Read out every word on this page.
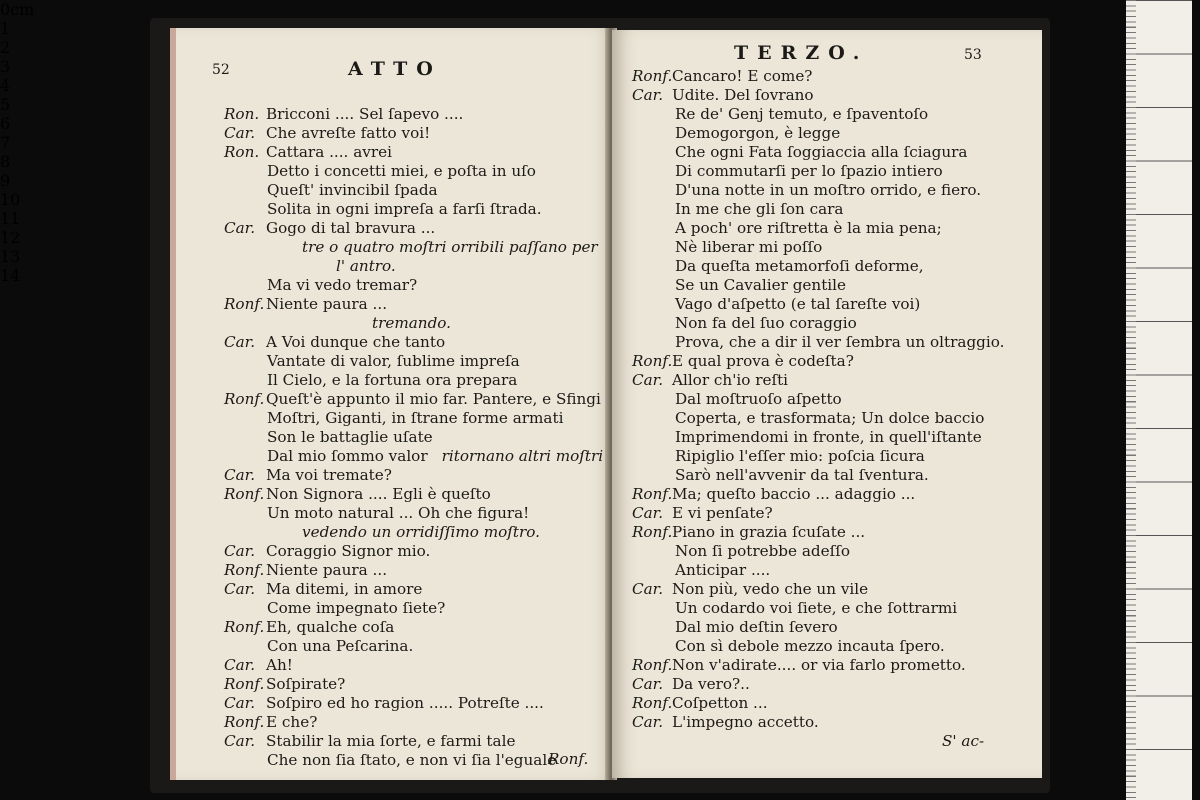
52	ATTO
Ron. Bricconi .... Sel ſapevo ....
Car. Che avreſte fatto voi!
Ron. Cattara .... avrei
Detto i concetti miei, e poſta in uſo
Queſt' invincibil ſpada
Solita in ogni impreſa a farſi ſtrada.
Car. Gogo di tal bravura ...
tre o quatro moſtri orribili paſſano per
l' antro.
Ma vi vedo tremar?
Ronf. Niente paura ...
tremando.
Car. A Voi dunque che tanto
Vantate di valor, ſublime impreſa
Il Cielo, e la fortuna ora prepara
Ronf. Queſt'è appunto il mio far. Pantere, e Sfingi
Moſtri, Giganti, in ſtrane forme armati
Son le battaglie uſate
Dal mio ſommo valor ritornano altri moſtri
Car. Ma voi tremate?
Ronf. Non Signora .... Egli è queſto
Un moto natural ... Oh che figura!
vedendo un orridiſſimo moſtro.
Car. Coraggio Signor mio.
Ronf. Niente paura ...
Car. Ma ditemi, in amore
Come impegnato ſiete?
Ronf. Eh, qualche coſa
Con una Peſcarina.
Car. Ah!
Ronf. Soſpirate?
Car. Soſpiro ed ho ragion ..... Potreſte ....
Ronf. E che?
Car. Stabilir la mia ſorte, e farmi tale
Che non ſia ſtato, e non vi ſia l'eguale
Ronf.
TERZO.	53
Ronf.Cancaro! E come?
Car. Udite. Del ſovrano
Re de' Genj temuto, e ſpaventoſo
Demogorgon, è legge
Che ogni Fata ſoggiaccia alla ſciagura
Di commutarſi per lo ſpazio intiero
D'una notte in un moſtro orrido, e fiero.
In me che gli ſon cara
A poch' ore riſtretta è la mia pena;
Nè liberar mi poſſo
Da queſta metamorfoſi deforme,
Se un Cavalier gentile
Vago d'aſpetto (e tal ſareſte voi)
Non fa del ſuo coraggio
Prova, che a dir il ver ſembra un oltraggio.
Ronf.E qual prova è codeſta?
Car. Allor ch'io reſti
Dal moſtruoſo aſpetto
Coperta, e trasformata; Un dolce baccio
Imprimendomi in fronte, in quell'iſtante
Ripiglio l'eſſer mio: poſcia ſicura
Sarò nell'avvenir da tal ſventura.
Ronf.Ma; queſto baccio ... adaggio ...
Car. E vi penſate?
Ronf.Piano in grazia ſcuſate ...
Non ſi potrebbe adeſſo
Anticipar ....
Car. Non più, vedo che un vile
Un codardo voi ſiete, e che ſottrarmi
Dal mio deſtin ſevero
Con sì debole mezzo incauta ſpero.
Ronf.Non v'adirate.... or via farlo prometto.
Car. Da vero?..
Ronf.Coſpetton ...
Car. L'impegno accetto.
S' ac-
0cm
1
2
3
4
5
6
7
8
9
10
11
12
13
14
